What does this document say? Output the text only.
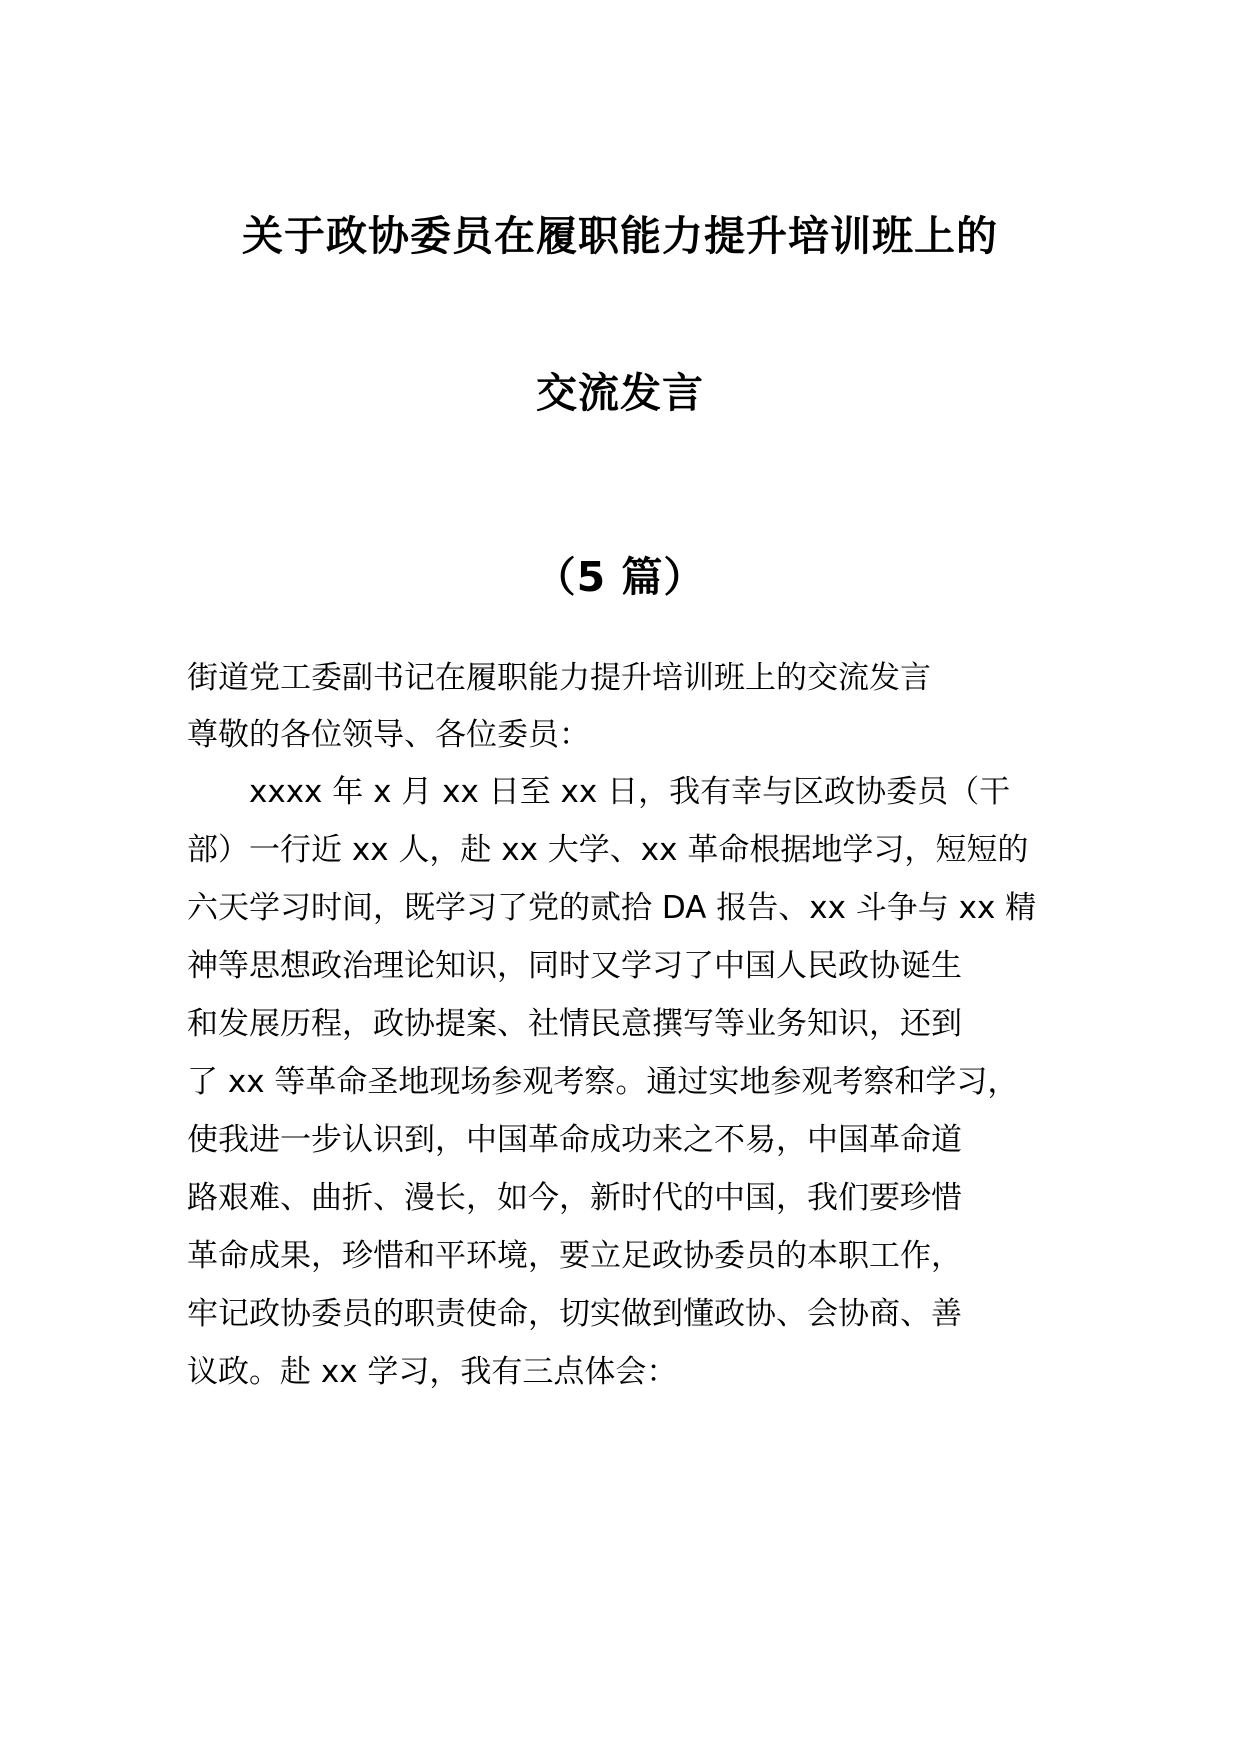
关于政协委员在履职能力提升培训班上的
交流发言
（5 篇）
街道党工委副书记在履职能力提升培训班上的交流发言
尊敬的各位领导、各位委员：
　　xxxx 年 x 月 xx 日至 xx 日，我有幸与区政协委员（干
部）一行近 xx 人，赴 xx 大学、xx 革命根据地学习，短短的
六天学习时间，既学习了党的贰拾 DA 报告、xx 斗争与 xx 精
神等思想政治理论知识，同时又学习了中国人民政协诞生
和发展历程，政协提案、社情民意撰写等业务知识，还到
了 xx 等革命圣地现场参观考察。通过实地参观考察和学习，
使我进一步认识到，中国革命成功来之不易，中国革命道
路艰难、曲折、漫长，如今，新时代的中国，我们要珍惜
革命成果，珍惜和平环境，要立足政协委员的本职工作，
牢记政协委员的职责使命，切实做到懂政协、会协商、善
议政。赴 xx 学习，我有三点体会：
